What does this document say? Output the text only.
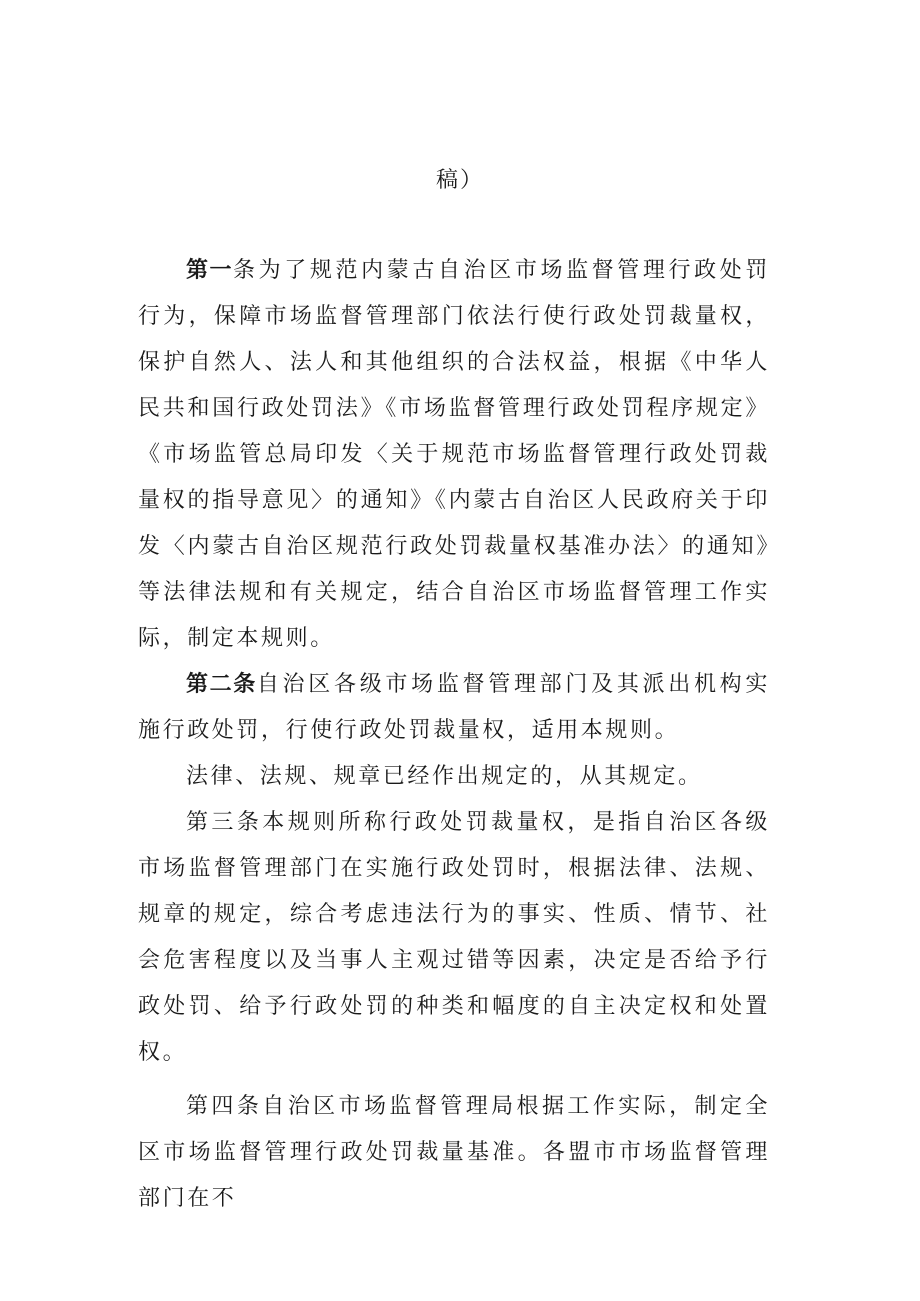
稿）

第一条为了规范内蒙古自治区市场监督管理行政处罚行为，保障市场监督管理部门依法行使行政处罚裁量权，保护自然人、法人和其他组织的合法权益，根据《中华人民共和国行政处罚法》《市场监督管理行政处罚程序规定》《市场监管总局印发〈关于规范市场监督管理行政处罚裁量权的指导意见〉的通知》《内蒙古自治区人民政府关于印发〈内蒙古自治区规范行政处罚裁量权基准办法〉的通知》等法律法规和有关规定，结合自治区市场监督管理工作实际，制定本规则。

第二条自治区各级市场监督管理部门及其派出机构实施行政处罚，行使行政处罚裁量权，适用本规则。

法律、法规、规章已经作出规定的，从其规定。

第三条本规则所称行政处罚裁量权，是指自治区各级市场监督管理部门在实施行政处罚时，根据法律、法规、规章的规定，综合考虑违法行为的事实、性质、情节、社会危害程度以及当事人主观过错等因素，决定是否给予行政处罚、给予行政处罚的种类和幅度的自主决定权和处置权。

第四条自治区市场监督管理局根据工作实际，制定全区市场监督管理行政处罚裁量基准。各盟市市场监督管理部门在不
